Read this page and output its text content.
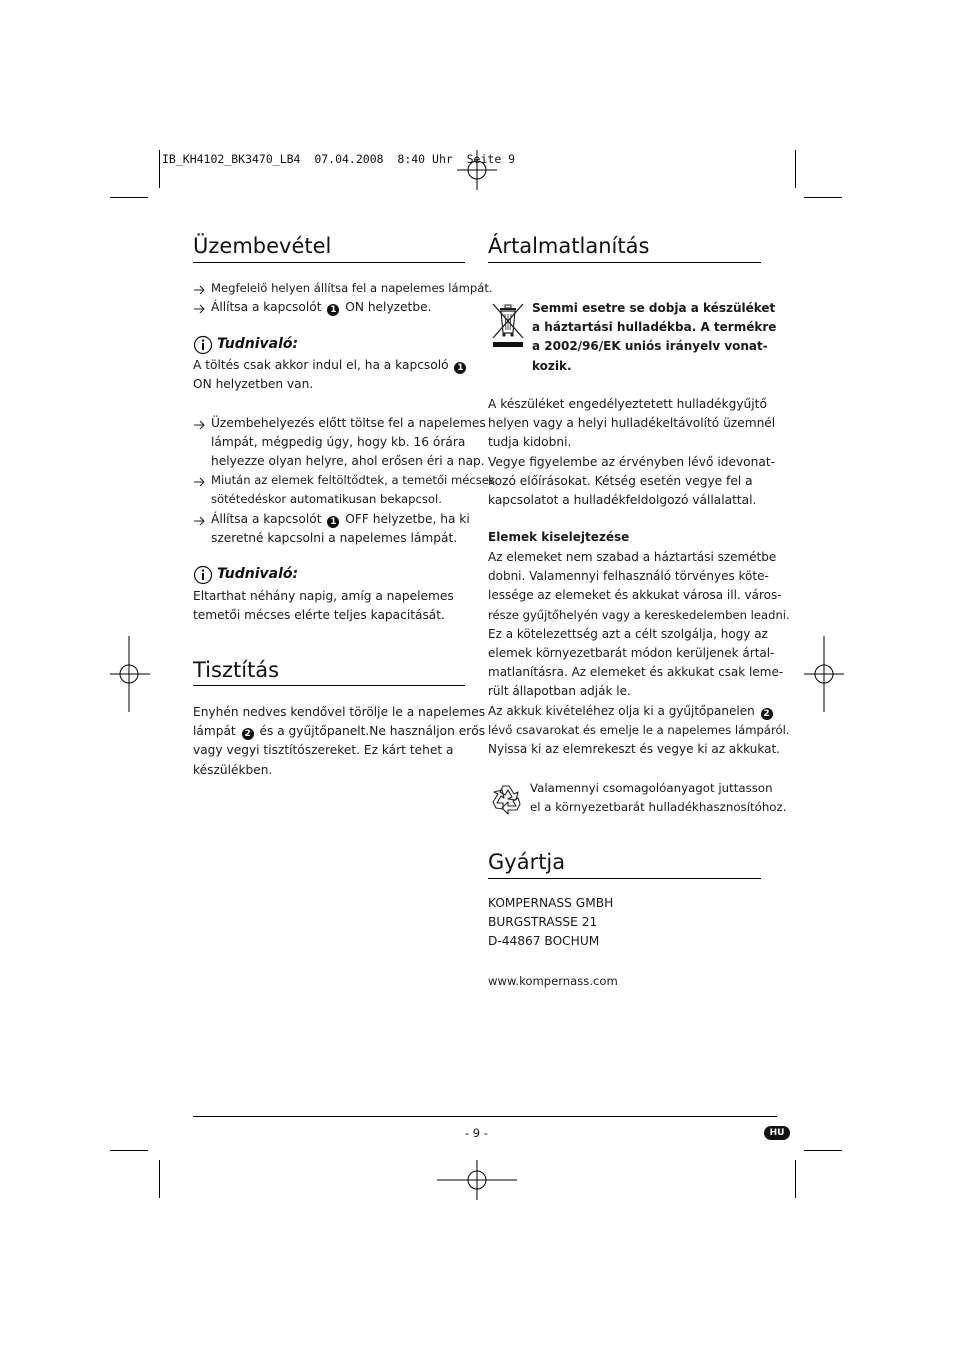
IB_KH4102_BK3470_LB4  07.04.2008  8:40 Uhr  Seite 9
Üzembevétel
Megfelelő helyen állítsa fel a napelemes lámpát.
Állítsa a kapcsolót 1 ON helyzetbe.
Tudnivaló:
A töltés csak akkor indul el, ha a kapcsoló 1
ON helyzetben van.
Üzembehelyezés előtt töltse fel a napelemes
lámpát, mégpedig úgy, hogy kb. 16 órára
helyezze olyan helyre, ahol erősen éri a nap.
Miután az elemek feltöltődtek, a temetői mécses
sötétedéskor automatikusan bekapcsol.
Állítsa a kapcsolót 1 OFF helyzetbe, ha ki
szeretné kapcsolni a napelemes lámpát.
Tudnivaló:
Eltarthat néhány napig, amíg a napelemes
temetői mécses elérte teljes kapacitását.
Tisztítás
Enyhén nedves kendővel törölje le a napelemes
lámpát 2 és a gyűjtőpanelt.Ne használjon erős
vagy vegyi tisztítószereket. Ez kárt tehet a
készülékben.
Ártalmatlanítás
Semmi esetre se dobja a készüléket
a háztartási hulladékba. A termékre
a 2002/96/EK uniós irányelv vonat-
kozik.
A készüléket engedélyeztetett hulladékgyűjtő
helyen vagy a helyi hulladékeltávolító üzemnél
tudja kidobni.
Vegye figyelembe az érvényben lévő idevonat-
kozó előírásokat. Kétség esetén vegye fel a
kapcsolatot a hulladékfeldolgozó vállalattal.
Elemek kiselejtezése
Az elemeket nem szabad a háztartási szemétbe
dobni. Valamennyi felhasználó törvényes köte-
lessége az elemeket és akkukat városa ill. város-
része gyűjtőhelyén vagy a kereskedelemben leadni.
Ez a kötelezettség azt a célt szolgálja, hogy az
elemek környezetbarát módon kerüljenek ártal-
matlanításra. Az elemeket és akkukat csak leme-
rült állapotban adják le.
Az akkuk kivételéhez olja ki a gyűjtőpanelen 2
lévő csavarokat és emelje le a napelemes lámpáról.
Nyissa ki az elemrekeszt és vegye ki az akkukat.
Valamennyi csomagolóanyagot juttasson
el a környezetbarát hulladékhasznosítóhoz.
Gyártja
KOMPERNASS GMBH
BURGSTRASSE 21
D-44867 BOCHUM
www.kompernass.com
- 9 -	HU
